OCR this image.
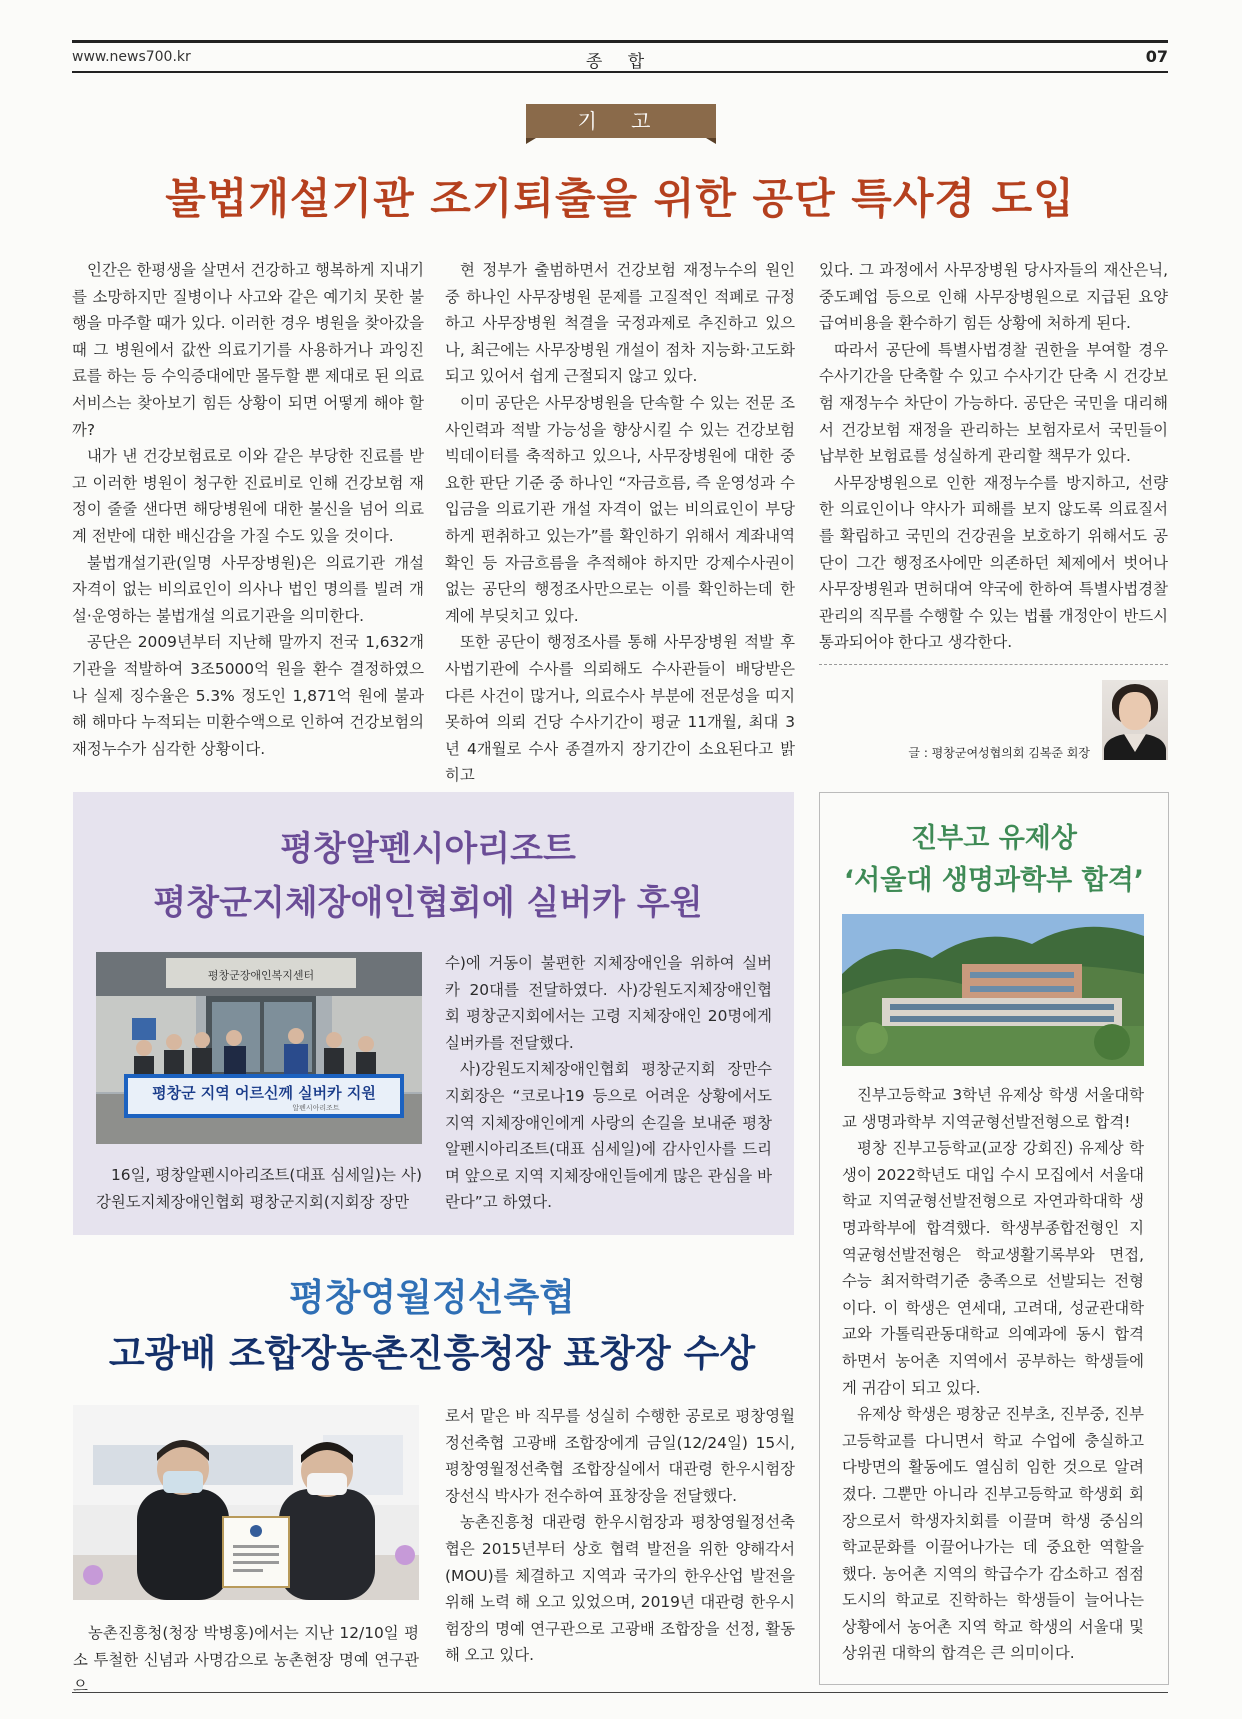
www.news700.kr	종 합	07
기 고
불법개설기관 조기퇴출을 위한 공단 특사경 도입

인간은 한평생을 살면서 건강하고 행복하게 지내기를 소망하지만 질병이나 사고와 같은 예기치 못한 불행을 마주할 때가 있다. 이러한 경우 병원을 찾아갔을 때 그 병원에서 값싼 의료기기를 사용하거나 과잉진료를 하는 등 수익증대에만 몰두할 뿐 제대로 된 의료서비스는 찾아보기 힘든 상황이 되면 어떻게 해야 할까?

내가 낸 건강보험료로 이와 같은 부당한 진료를 받고 이러한 병원이 청구한 진료비로 인해 건강보험 재정이 줄줄 샌다면 해당병원에 대한 불신을 넘어 의료계 전반에 대한 배신감을 가질 수도 있을 것이다.

불법개설기관(일명 사무장병원)은 의료기관 개설자격이 없는 비의료인이 의사나 법인 명의를 빌려 개설·운영하는 불법개설 의료기관을 의미한다.

공단은 2009년부터 지난해 말까지 전국 1,632개 기관을 적발하여 3조5000억 원을 환수 결정하였으나 실제 징수율은 5.3% 정도인 1,871억 원에 불과해 해마다 누적되는 미환수액으로 인하여 건강보험의 재정누수가 심각한 상황이다.

현 정부가 출범하면서 건강보험 재정누수의 원인 중 하나인 사무장병원 문제를 고질적인 적폐로 규정하고 사무장병원 척결을 국정과제로 추진하고 있으나, 최근에는 사무장병원 개설이 점차 지능화·고도화되고 있어서 쉽게 근절되지 않고 있다.

이미 공단은 사무장병원을 단속할 수 있는 전문 조사인력과 적발 가능성을 향상시킬 수 있는 건강보험 빅데이터를 축적하고 있으나, 사무장병원에 대한 중요한 판단 기준 중 하나인 “자금흐름, 즉 운영성과 수입금을 의료기관 개설 자격이 없는 비의료인이 부당하게 편취하고 있는가”를 확인하기 위해서 계좌내역 확인 등 자금흐름을 추적해야 하지만 강제수사권이 없는 공단의 행정조사만으로는 이를 확인하는데 한계에 부딪치고 있다.

또한 공단이 행정조사를 통해 사무장병원 적발 후 사법기관에 수사를 의뢰해도 수사관들이 배당받은 다른 사건이 많거나, 의료수사 부분에 전문성을 띠지 못하여 의뢰 건당 수사기간이 평균 11개월, 최대 3년 4개월로 수사 종결까지 장기간이 소요된다고 밝히고

있다. 그 과정에서 사무장병원 당사자들의 재산은닉, 중도폐업 등으로 인해 사무장병원으로 지급된 요양급여비용을 환수하기 힘든 상황에 처하게 된다.

따라서 공단에 특별사법경찰 권한을 부여할 경우 수사기간을 단축할 수 있고 수사기간 단축 시 건강보험 재정누수 차단이 가능하다. 공단은 국민을 대리해서 건강보험 재정을 관리하는 보험자로서 국민들이 납부한 보험료를 성실하게 관리할 책무가 있다.

사무장병원으로 인한 재정누수를 방지하고, 선량한 의료인이나 약사가 피해를 보지 않도록 의료질서를 확립하고 국민의 건강권을 보호하기 위해서도 공단이 그간 행정조사에만 의존하던 체제에서 벗어나 사무장병원과 면허대여 약국에 한하여 특별사법경찰 관리의 직무를 수행할 수 있는 법률 개정안이 반드시 통과되어야 한다고 생각한다.

글 : 평창군여성협의회 김복준 회장
평창알펜시아리조트
평창군지체장애인협회에 실버카 후원
평창군장애인복지센터
평창군 지역 어르신께 실버카 지원
알펜시아리조트

16일, 평창알펜시아리조트(대표 심세일)는 사)강원도지체장애인협회 평창군지회(지회장 장만

수)에 거동이 불편한 지체장애인을 위하여 실버카 20대를 전달하였다. 사)강원도지체장애인협회 평창군지회에서는 고령 지체장애인 20명에게 실버카를 전달했다.

사)강원도지체장애인협회 평창군지회 장만수 지회장은 “코로나19 등으로 어려운 상황에서도 지역 지체장애인에게 사랑의 손길을 보내준 평창알펜시아리조트(대표 심세일)에 감사인사를 드리며 앞으로 지역 지체장애인들에게 많은 관심을 바란다”고 하였다.

평창영월정선축협
고광배 조합장농촌진흥청장 표창장 수상

농촌진흥청(청장 박병홍)에서는 지난 12/10일 평소 투철한 신념과 사명감으로 농촌현장 명예 연구관으

로서 맡은 바 직무를 성실히 수행한 공로로 평창영월정선축협 고광배 조합장에게 금일(12/24일) 15시, 평창영월정선축협 조합장실에서 대관령 한우시험장 장선식 박사가 전수하여 표창장을 전달했다.

농촌진흥청 대관령 한우시험장과 평창영월정선축협은 2015년부터 상호 협력 발전을 위한 양해각서(MOU)를 체결하고 지역과 국가의 한우산업 발전을 위해 노력 해 오고 있었으며, 2019년 대관령 한우시험장의 명예 연구관으로 고광배 조합장을 선정, 활동해 오고 있다.

진부고 유제상
‘서울대 생명과학부 합격’

진부고등학교 3학년 유제상 학생 서울대학교 생명과학부 지역균형선발전형으로 합격!

평창 진부고등학교(교장 강회진) 유제상 학생이 2022학년도 대입 수시 모집에서 서울대학교 지역균형선발전형으로 자연과학대학 생명과학부에 합격했다. 학생부종합전형인 지역균형선발전형은 학교생활기록부와 면접, 수능 최저학력기준 충족으로 선발되는 전형이다. 이 학생은 연세대, 고려대, 성균관대학교와 가톨릭관동대학교 의예과에 동시 합격하면서 농어촌 지역에서 공부하는 학생들에게 귀감이 되고 있다.

유제상 학생은 평창군 진부초, 진부중, 진부고등학교를 다니면서 학교 수업에 충실하고 다방면의 활동에도 열심히 임한 것으로 알려졌다. 그뿐만 아니라 진부고등학교 학생회 회장으로서 학생자치회를 이끌며 학생 중심의 학교문화를 이끌어나가는 데 중요한 역할을 했다. 농어촌 지역의 학급수가 감소하고 점점 도시의 학교로 진학하는 학생들이 늘어나는 상황에서 농어촌 지역 학교 학생의 서울대 및 상위권 대학의 합격은 큰 의미이다.
